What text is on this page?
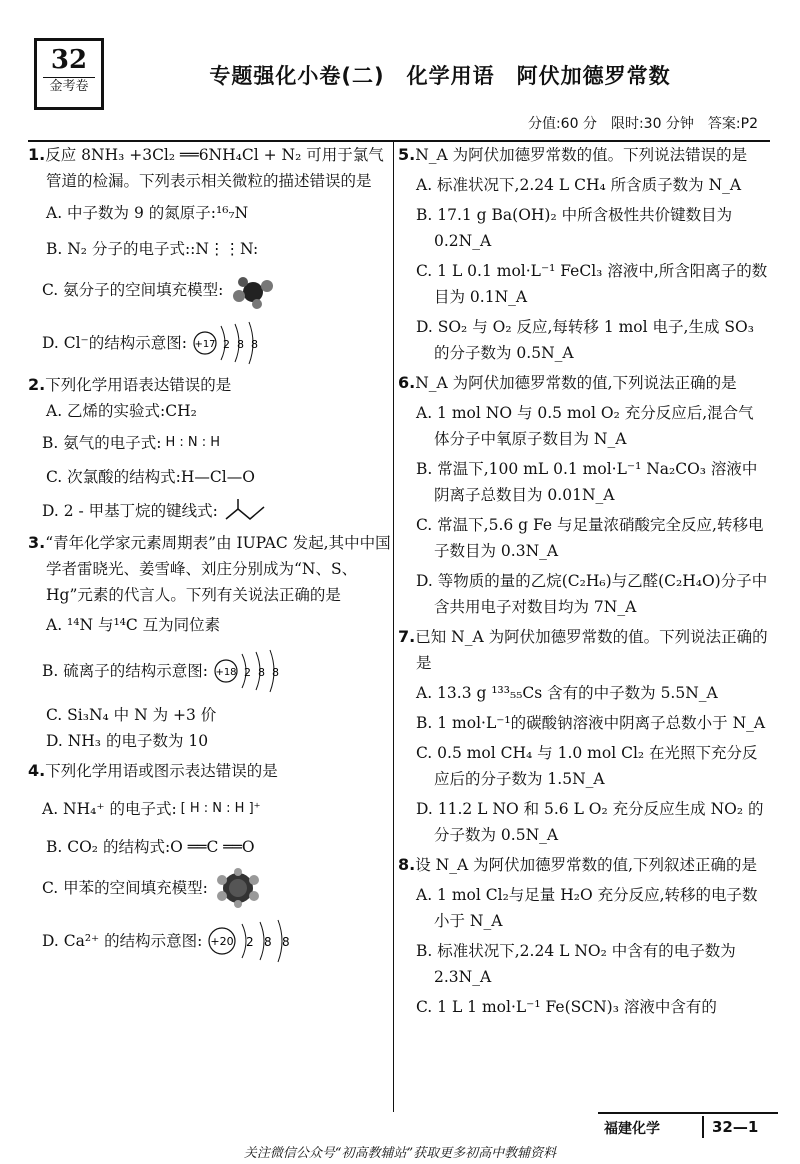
32
金考卷	专题强化小卷(二)　化学用语　阿伏加德罗常数
分值:60 分　限时:30 分钟　答案:P2
1.反应 8NH₃ +3Cl₂ ══6NH₄Cl + N₂ 可用于氯气管道的检漏。下列表示相关微粒的描述错误的是
A. 中子数为 9 的氮原子:¹⁶₇N
B. N₂ 分子的电子式::N⋮⋮N:
C. 氨分子的空间填充模型:
D. Cl⁻的结构示意图: +17 2 8 8
2.下列化学用语表达错误的是
A. 乙烯的实验式:CH₂
B. 氨气的电子式: H : N : H
C. 次氯酸的结构式:H—Cl—O
D. 2 - 甲基丁烷的键线式:
3.“青年化学家元素周期表”由 IUPAC 发起,其中中国学者雷晓光、姜雪峰、刘庄分别成为“N、S、Hg”元素的代言人。下列有关说法正确的是
A. ¹⁴N 与¹⁴C 互为同位素
B. 硫离子的结构示意图: +18 2 8 8
C. Si₃N₄ 中 N 为 +3 价
D. NH₃ 的电子数为 10
4.下列化学用语或图示表达错误的是
A. NH₄⁺ 的电子式: [ H : N : H ]⁺
B. CO₂ 的结构式:O ══C ══O
C. 甲苯的空间填充模型:
D. Ca²⁺ 的结构示意图: +20 2 8 8
5.N_A 为阿伏加德罗常数的值。下列说法错误的是
A. 标准状况下,2.24 L CH₄ 所含质子数为 N_A
B. 17.1 g Ba(OH)₂ 中所含极性共价键数目为 0.2N_A
C. 1 L 0.1 mol·L⁻¹ FeCl₃ 溶液中,所含阳离子的数目为 0.1N_A
D. SO₂ 与 O₂ 反应,每转移 1 mol 电子,生成 SO₃ 的分子数为 0.5N_A
6.N_A 为阿伏加德罗常数的值,下列说法正确的是
A. 1 mol NO 与 0.5 mol O₂ 充分反应后,混合气体分子中氧原子数目为 N_A
B. 常温下,100 mL 0.1 mol·L⁻¹ Na₂CO₃ 溶液中阴离子总数目为 0.01N_A
C. 常温下,5.6 g Fe 与足量浓硝酸完全反应,转移电子数目为 0.3N_A
D. 等物质的量的乙烷(C₂H₆)与乙醛(C₂H₄O)分子中含共用电子对数目均为 7N_A
7.已知 N_A 为阿伏加德罗常数的值。下列说法正确的是
A. 13.3 g ¹³³₅₅Cs 含有的中子数为 5.5N_A
B. 1 mol·L⁻¹的碳酸钠溶液中阴离子总数小于 N_A
C. 0.5 mol CH₄ 与 1.0 mol Cl₂ 在光照下充分反应后的分子数为 1.5N_A
D. 11.2 L NO 和 5.6 L O₂ 充分反应生成 NO₂ 的分子数为 0.5N_A
8.设 N_A 为阿伏加德罗常数的值,下列叙述正确的是
A. 1 mol Cl₂与足量 H₂O 充分反应,转移的电子数小于 N_A
B. 标准状况下,2.24 L NO₂ 中含有的电子数为 2.3N_A
C. 1 L 1 mol·L⁻¹ Fe(SCN)₃ 溶液中含有的
福建化学	32—1
关注微信公众号“初高教辅站”获取更多初高中教辅资料
